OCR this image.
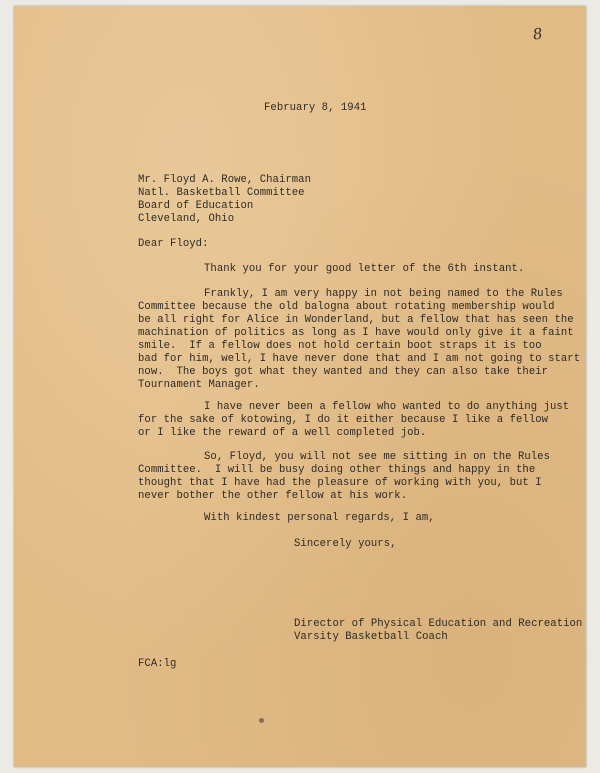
8
February 8, 1941
Mr. Floyd A. Rowe, Chairman
Natl. Basketball Committee
Board of Education
Cleveland, Ohio
Dear Floyd:
Thank you for your good letter of the 6th instant.
Frankly, I am very happy in not being named to the Rules
Committee because the old balogna about rotating membership would
be all right for Alice in Wonderland, but a fellow that has seen the
machination of politics as long as I have would only give it a faint
smile.  If a fellow does not hold certain boot straps it is too
bad for him, well, I have never done that and I am not going to start
now.  The boys got what they wanted and they can also take their
Tournament Manager.
I have never been a fellow who wanted to do anything just
for the sake of kotowing, I do it either because I like a fellow
or I like the reward of a well completed job.
So, Floyd, you will not see me sitting in on the Rules
Committee.  I will be busy doing other things and happy in the
thought that I have had the pleasure of working with you, but I
never bother the other fellow at his work.
With kindest personal regards, I am,
Sincerely yours,
Director of Physical Education and Recreation
Varsity Basketball Coach
FCA:lg
